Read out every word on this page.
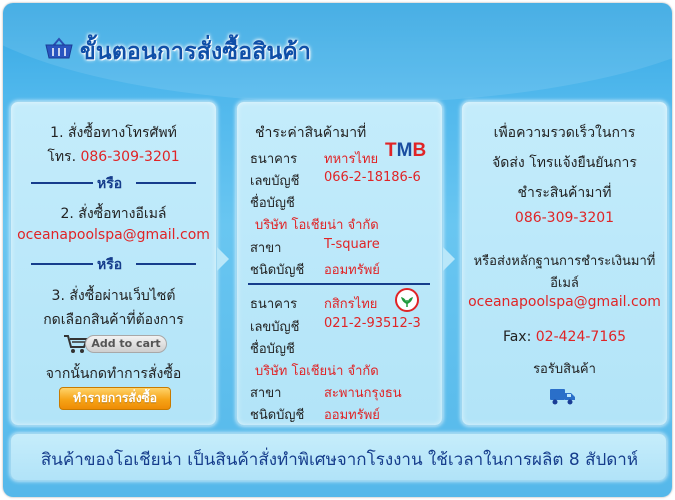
ขั้นตอนการสั่งซื้อสินค้า
1. สั่งซื้อทางโทรศัพท์
โทร. 086-309-3201
หรือ
2. สั่งซื้อทางอีเมล์
oceanapoolspa@gmail.com
หรือ
3. สั่งซื้อผ่านเว็บไซต์
กดเลือกสินค้าที่ต้องการ
Add to cart
จากนั้นกดทำการสั่งซื้อ
ทำรายการสั่งซื้อ
ชำระค่าสินค้ามาที่
TMB
ธนาคาร ทหารไทย
เลขบัญชี 066-2-18186-6
ชื่อบัญชี
บริษัท โอเชียน่า จำกัด
สาขา	T-square
ชนิดบัญชี ออมทรัพย์
ธนาคาร กสิกรไทย
เลขบัญชี 021-2-93512-3
ชื่อบัญชี
บริษัท โอเชียน่า จำกัด
สาขา	สะพานกรุงธน
ชนิดบัญชี ออมทรัพย์
เพื่อความรวดเร็วในการ
จัดส่ง โทรแจ้งยืนยันการ
ชำระสินค้ามาที่
086-309-3201
หรือส่งหลักฐานการชำระเงินมาที่
อีเมล์
oceanapoolspa@gmail.com
Fax: 02-424-7165
รอรับสินค้า
สินค้าของโอเชียน่า เป็นสินค้าสั่งทำพิเศษจากโรงงาน ใช้เวลาในการผลิต 8 สัปดาห์
